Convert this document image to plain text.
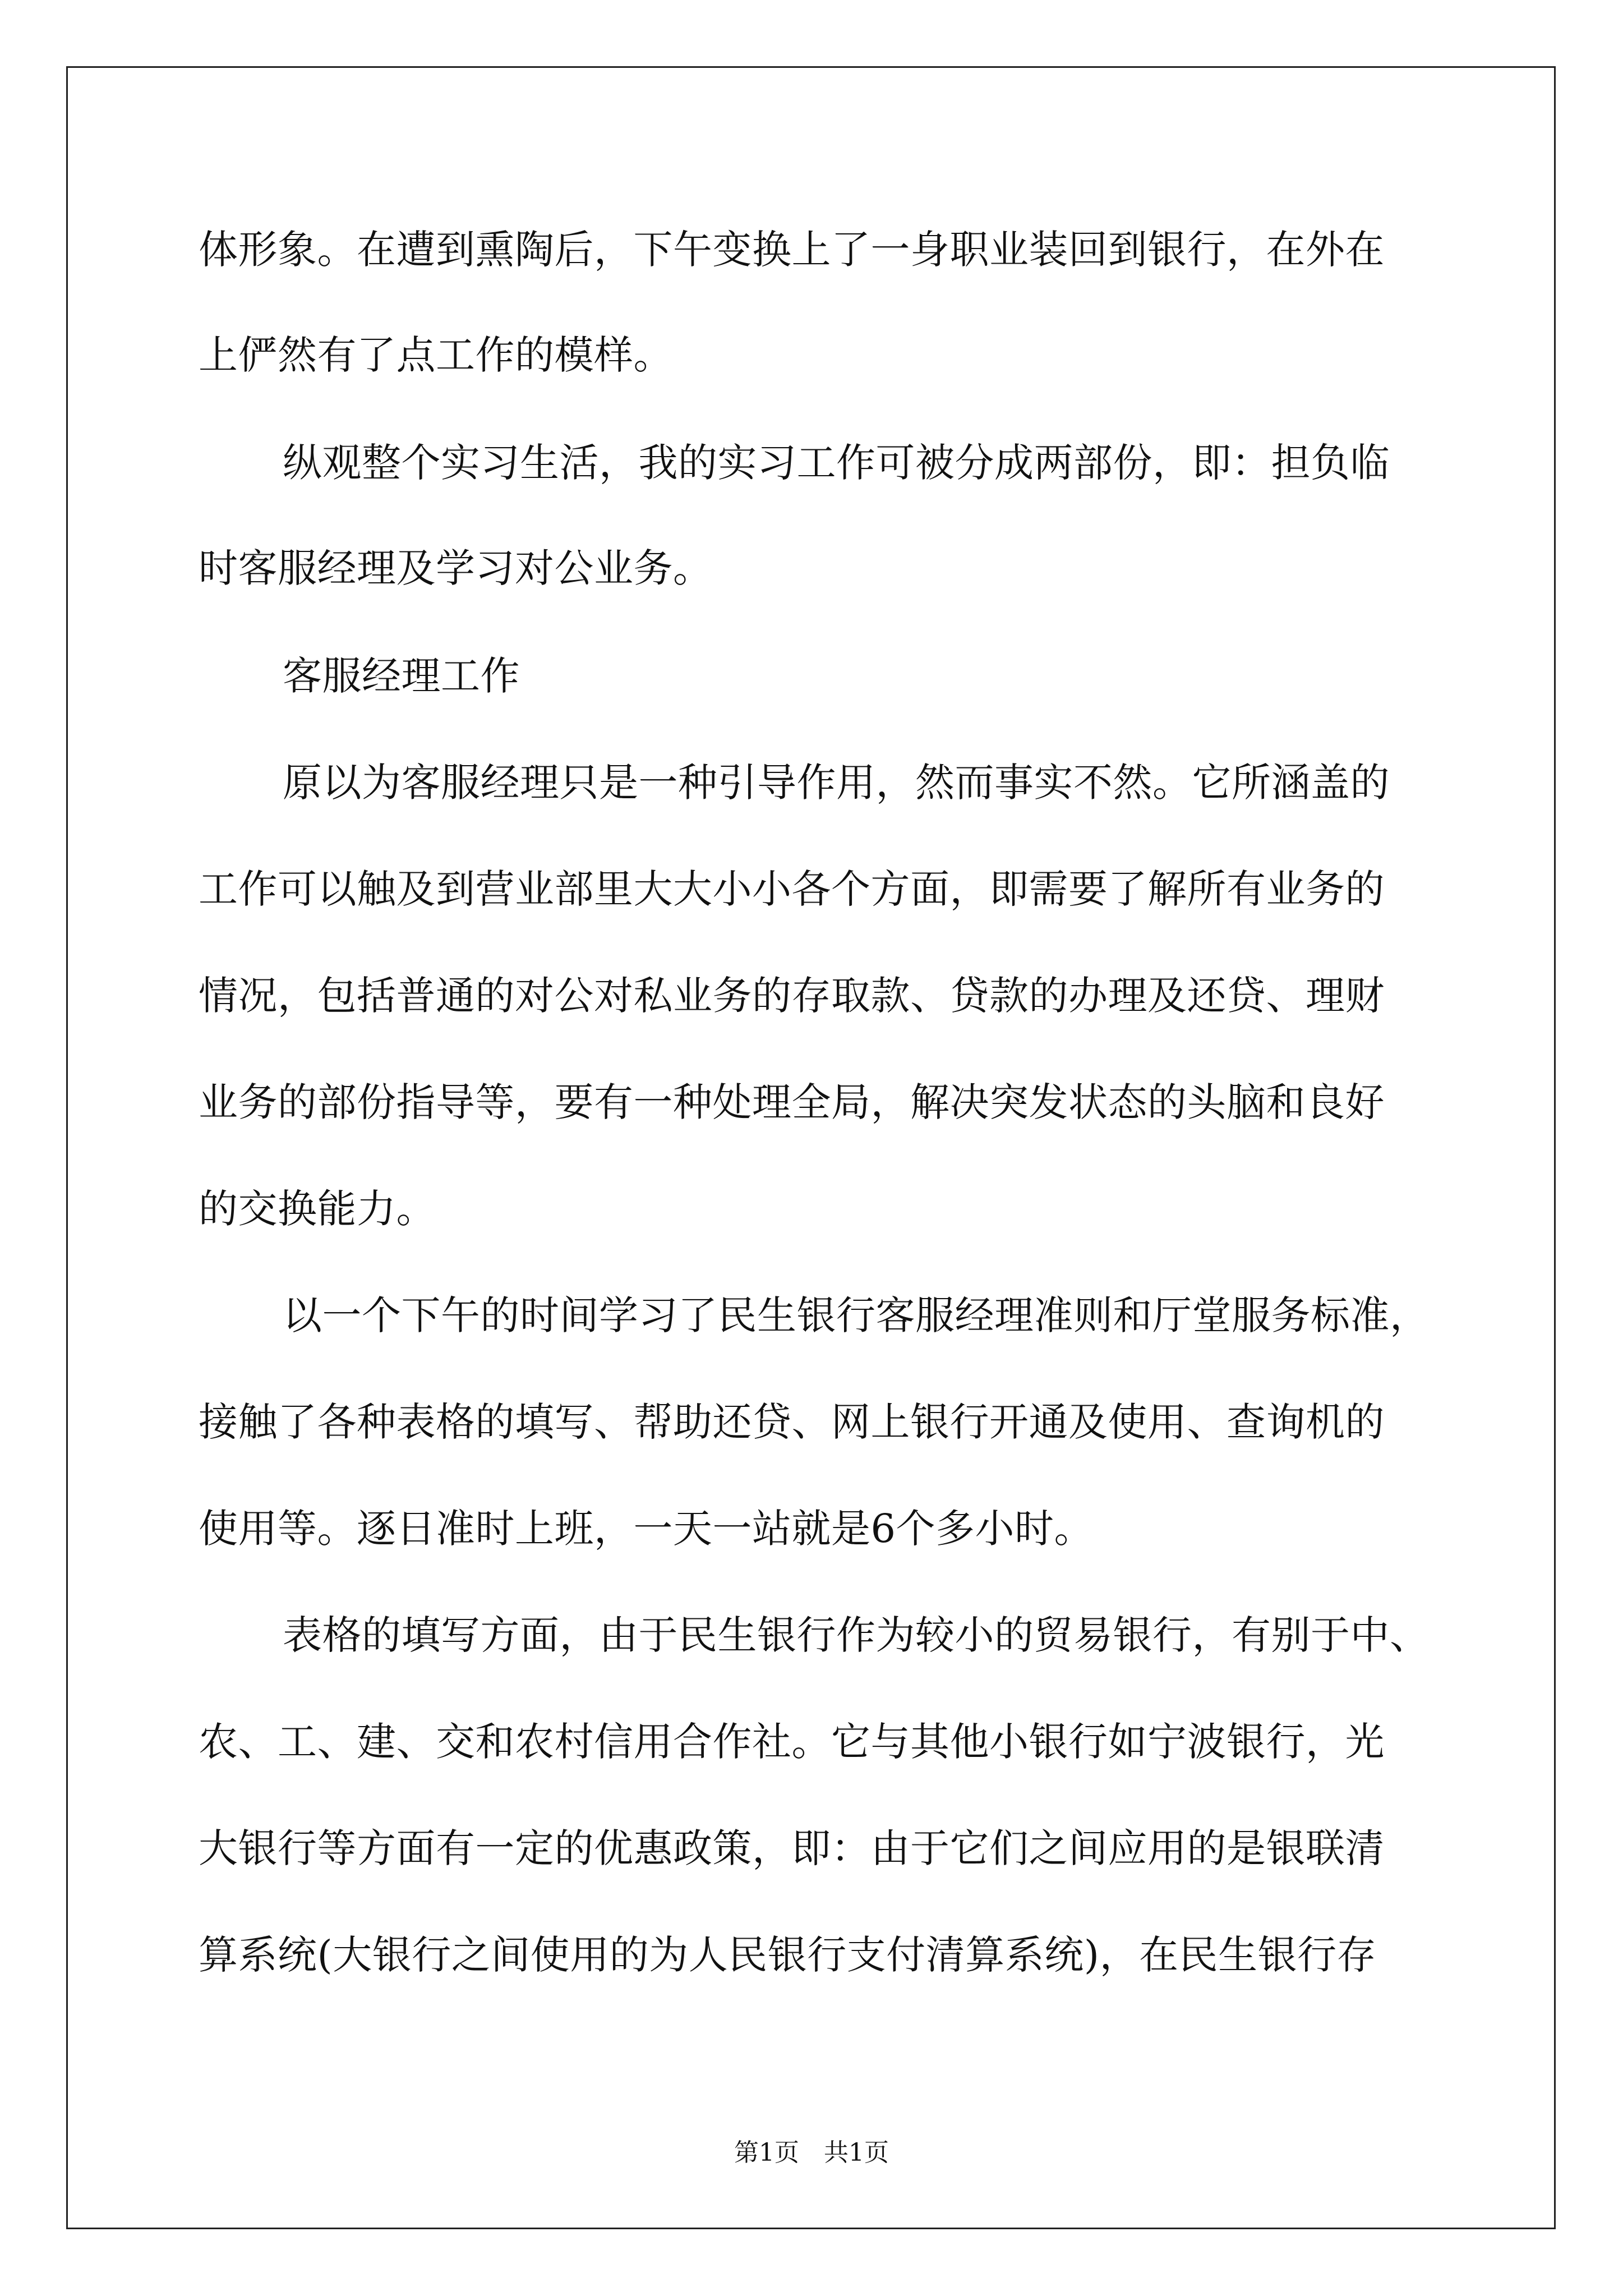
体形象。在遭到熏陶后，下午变换上了一身职业装回到银行，在外在
上俨然有了点工作的模样。
纵观整个实习生活，我的实习工作可被分成两部份，即：担负临
时客服经理及学习对公业务。
客服经理工作
原以为客服经理只是一种引导作用，然而事实不然。它所涵盖的
工作可以触及到营业部里大大小小各个方面，即需要了解所有业务的
情况，包括普通的对公对私业务的存取款、贷款的办理及还贷、理财
业务的部份指导等，要有一种处理全局，解决突发状态的头脑和良好
的交换能力。
以一个下午的时间学习了民生银行客服经理准则和厅堂服务标准，
接触了各种表格的填写、帮助还贷、网上银行开通及使用、查询机的
使用等。逐日准时上班，一天一站就是6个多小时。
表格的填写方面，由于民生银行作为较小的贸易银行，有别于中、
农、工、建、交和农村信用合作社。它与其他小银行如宁波银行，光
大银行等方面有一定的优惠政策，即：由于它们之间应用的是银联清
算系统(大银行之间使用的为人民银行支付清算系统)，在民生银行存
第1页　共1页
